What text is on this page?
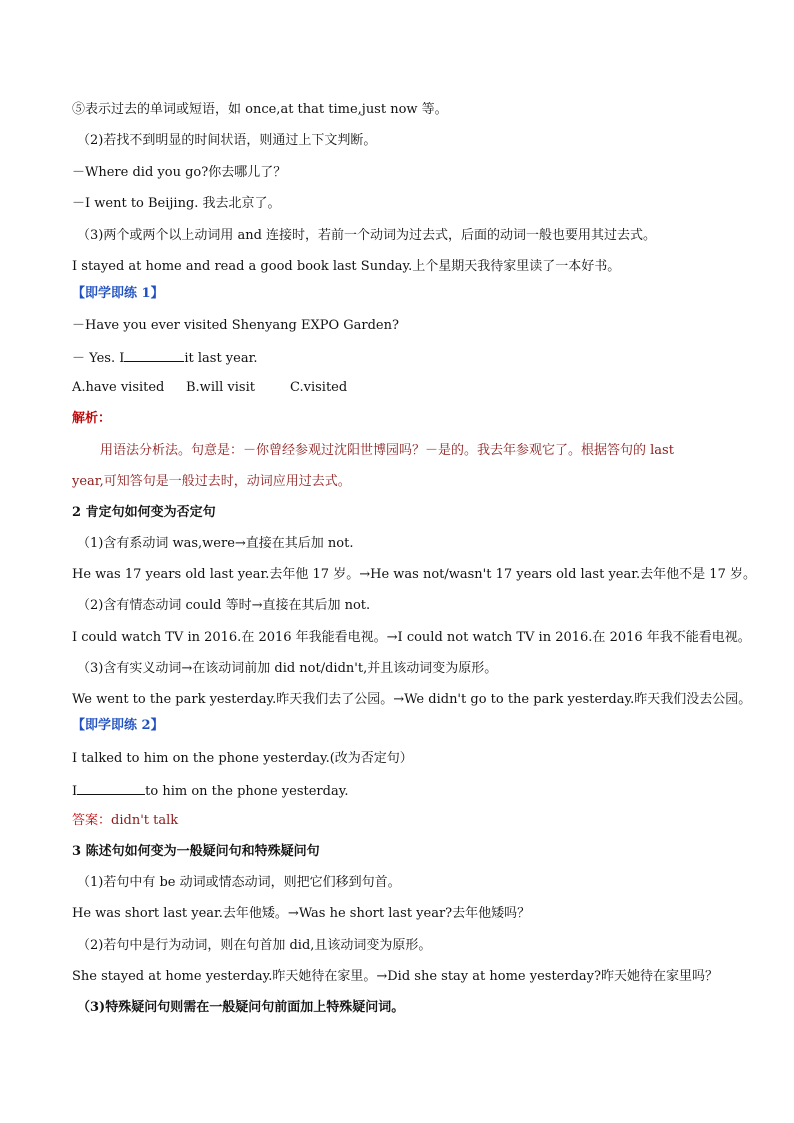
⑤表示过去的单词或短语，如 once,at that time,just now 等。
（2)若找不到明显的时间状语，则通过上下文判断。
－Where did you go?你去哪儿了？
－I went to Beijing. 我去北京了。
（3)两个或两个以上动词用 and 连接时，若前一个动词为过去式，后面的动词一般也要用其过去式。
I stayed at home and read a good book last Sunday.上个星期天我待家里读了一本好书。
【即学即练 1】
－Have you ever visited Shenyang EXPO Garden?
－ Yes. I	it last year.
A.have visited B.will visit	C.visited
解析：
用语法分析法。句意是：－你曾经参观过沈阳世博园吗？－是的。我去年参观它了。根据答句的 last
year,可知答句是一般过去时，动词应用过去式。
2 肯定句如何变为否定句
（1)含有系动词 was,were→直接在其后加 not.
He was 17 years old last year.去年他 17 岁。→He was not/wasn't 17 years old last year.去年他不是 17 岁。
（2)含有情态动词 could 等时→直接在其后加 not.
I could watch TV in 2016.在 2016 年我能看电视。→I could not watch TV in 2016.在 2016 年我不能看电视。
（3)含有实义动词→在该动词前加 did not/didn't,并且该动词变为原形。
We went to the park yesterday.昨天我们去了公园。→We didn't go to the park yesterday.昨天我们没去公园。
【即学即练 2】
I talked to him on the phone yesterday.(改为否定句）
I	to him on the phone yesterday.
答案：didn't talk
3 陈述句如何变为一般疑问句和特殊疑问句
（1)若句中有 be 动词或情态动词，则把它们移到句首。
He was short last year.去年他矮。→Was he short last year?去年他矮吗？
（2)若句中是行为动词，则在句首加 did,且该动词变为原形。
She stayed at home yesterday.昨天她待在家里。→Did she stay at home yesterday?昨天她待在家里吗？
（3)特殊疑问句则需在一般疑问句前面加上特殊疑问词。
